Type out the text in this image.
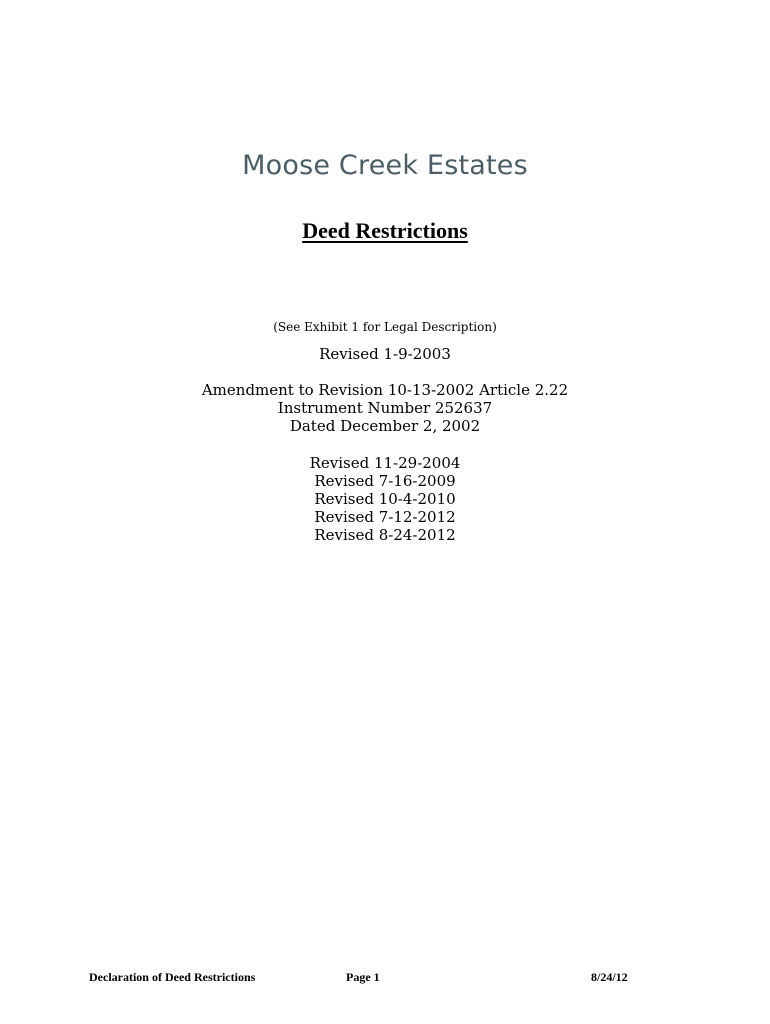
Moose Creek Estates
Deed Restrictions
(See Exhibit 1 for Legal Description)
Revised 1-9-2003
Amendment to Revision 10-13-2002 Article 2.22
Instrument Number 252637
Dated December 2, 2002
Revised 11-29-2004
Revised 7-16-2009
Revised 10-4-2010
Revised 7-12-2012
Revised 8-24-2012
Declaration of Deed Restrictions	Page 1	8/24/12
